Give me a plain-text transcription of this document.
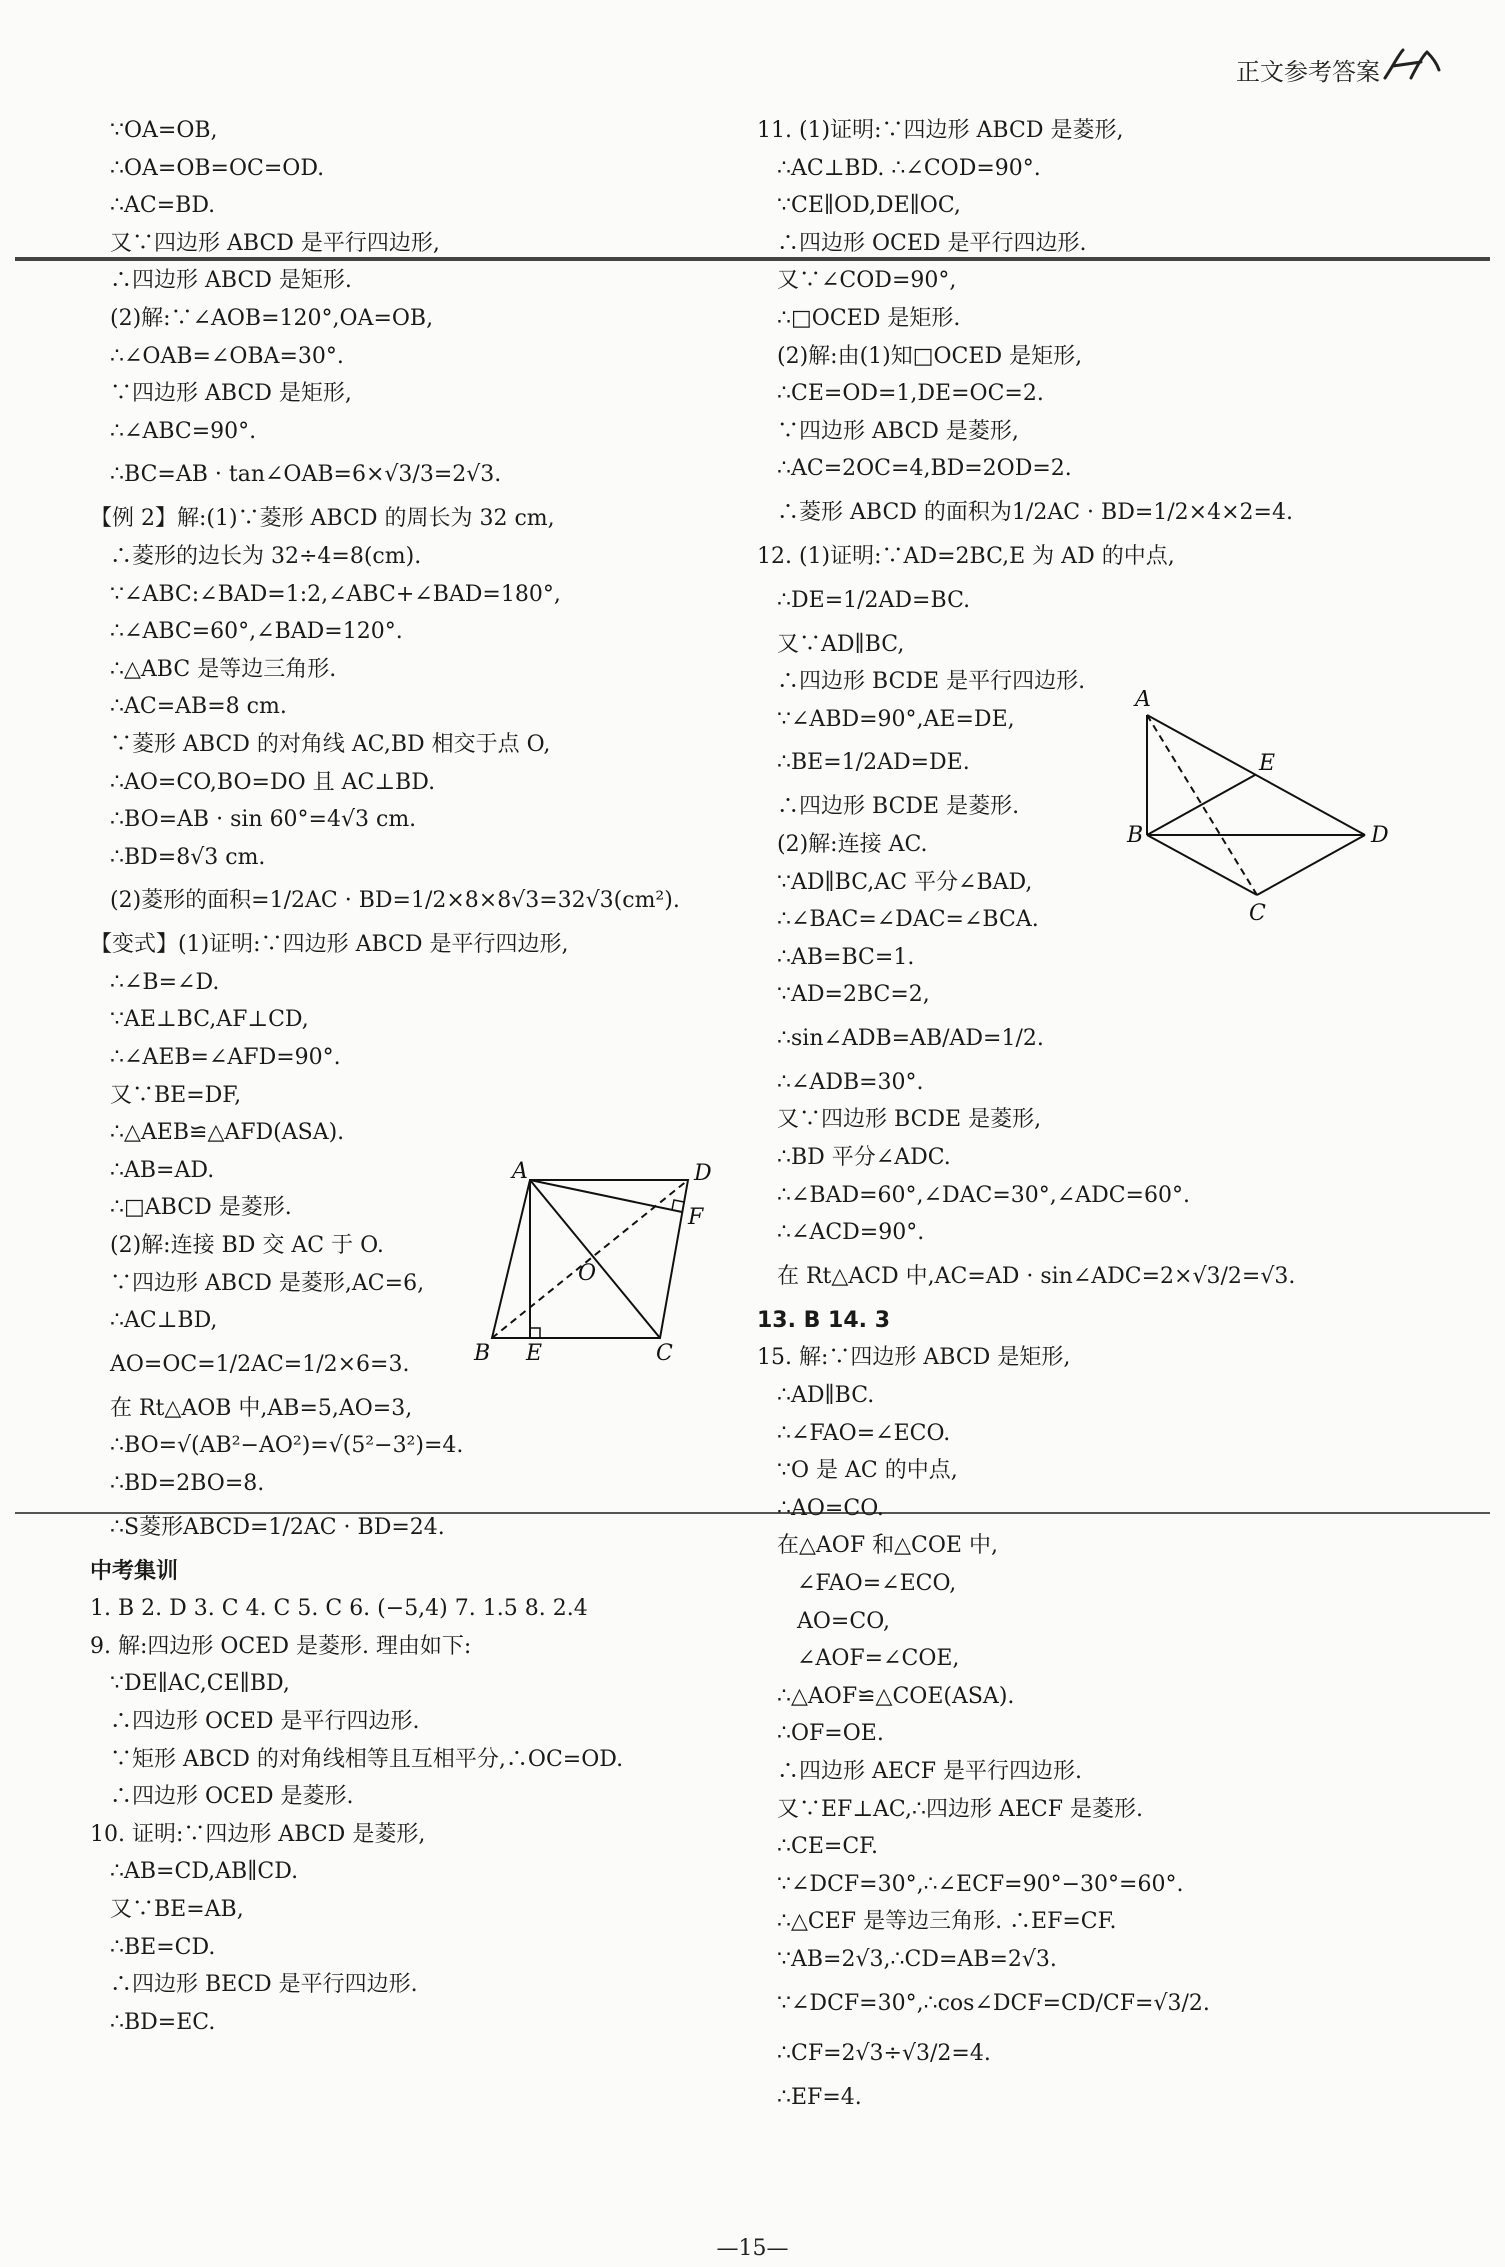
正文参考答案
∵OA=OB,
∴OA=OB=OC=OD.
∴AC=BD.
又∵四边形 ABCD 是平行四边形,
∴四边形 ABCD 是矩形.
(2)解:∵∠AOB=120°,OA=OB,
∴∠OAB=∠OBA=30°.
∵四边形 ABCD 是矩形,
∴∠ABC=90°.
∴BC=AB · tan∠OAB=6×√3/3=2√3.
【例 2】解:(1)∵菱形 ABCD 的周长为 32 cm,
∴菱形的边长为 32÷4=8(cm).
∵∠ABC:∠BAD=1:2,∠ABC+∠BAD=180°,
∴∠ABC=60°,∠BAD=120°.
∴△ABC 是等边三角形.
∴AC=AB=8 cm.
∵菱形 ABCD 的对角线 AC,BD 相交于点 O,
∴AO=CO,BO=DO 且 AC⊥BD.
∴BO=AB · sin 60°=4√3 cm.
∴BD=8√3 cm.
(2)菱形的面积=1/2AC · BD=1/2×8×8√3=32√3(cm²).
【变式】(1)证明:∵四边形 ABCD 是平行四边形,
∴∠B=∠D.
∵AE⊥BC,AF⊥CD,
∴∠AEB=∠AFD=90°.
又∵BE=DF,
∴△AEB≌△AFD(ASA).
∴AB=AD.
∴□ABCD 是菱形.
(2)解:连接 BD 交 AC 于 O.
∵四边形 ABCD 是菱形,AC=6,
∴AC⊥BD,
AO=OC=1/2AC=1/2×6=3.
在 Rt△AOB 中,AB=5,AO=3,
∴BO=√(AB²−AO²)=√(5²−3²)=4.
∴BD=2BO=8.
∴S菱形ABCD=1/2AC · BD=24.
中考集训
1. B 2. D 3. C 4. C 5. C 6. (−5,4) 7. 1.5 8. 2.4
9. 解:四边形 OCED 是菱形. 理由如下:
∵DE∥AC,CE∥BD,
∴四边形 OCED 是平行四边形.
∵矩形 ABCD 的对角线相等且互相平分,∴OC=OD.
∴四边形 OCED 是菱形.
10. 证明:∵四边形 ABCD 是菱形,
∴AB=CD,AB∥CD.
又∵BE=AB,
∴BE=CD.
∴四边形 BECD 是平行四边形.
∴BD=EC.
11. (1)证明:∵四边形 ABCD 是菱形,
∴AC⊥BD. ∴∠COD=90°.
∵CE∥OD,DE∥OC,
∴四边形 OCED 是平行四边形.
又∵∠COD=90°,
∴□OCED 是矩形.
(2)解:由(1)知□OCED 是矩形,
∴CE=OD=1,DE=OC=2.
∵四边形 ABCD 是菱形,
∴AC=2OC=4,BD=2OD=2.
∴菱形 ABCD 的面积为1/2AC · BD=1/2×4×2=4.
12. (1)证明:∵AD=2BC,E 为 AD 的中点,
∴DE=1/2AD=BC.
又∵AD∥BC,
∴四边形 BCDE 是平行四边形.
∵∠ABD=90°,AE=DE,
∴BE=1/2AD=DE.
∴四边形 BCDE 是菱形.
(2)解:连接 AC.
∵AD∥BC,AC 平分∠BAD,
∴∠BAC=∠DAC=∠BCA.
∴AB=BC=1.
∵AD=2BC=2,
∴sin∠ADB=AB/AD=1/2.
∴∠ADB=30°.
又∵四边形 BCDE 是菱形,
∴BD 平分∠ADC.
∴∠BAD=60°,∠DAC=30°,∠ADC=60°.
∴∠ACD=90°.
在 Rt△ACD 中,AC=AD · sin∠ADC=2×√3/2=√3.
13. B 14. 3
15. 解:∵四边形 ABCD 是矩形,
∴AD∥BC.
∴∠FAO=∠ECO.
∵O 是 AC 的中点,
∴AO=CO.
在△AOF 和△COE 中,
∠FAO=∠ECO,
AO=CO,
∠AOF=∠COE,
∴△AOF≌△COE(ASA).
∴OF=OE.
∴四边形 AECF 是平行四边形.
又∵EF⊥AC,∴四边形 AECF 是菱形.
∴CE=CF.
∵∠DCF=30°,∴∠ECF=90°−30°=60°.
∴△CEF 是等边三角形. ∴EF=CF.
∵AB=2√3,∴CD=AB=2√3.
∵∠DCF=30°,∴cos∠DCF=CD/CF=√3/2.
∴CF=2√3÷√3/2=4.
∴EF=4.
A	D
F
O
B E	C
A
E
B	D
C
—15—
